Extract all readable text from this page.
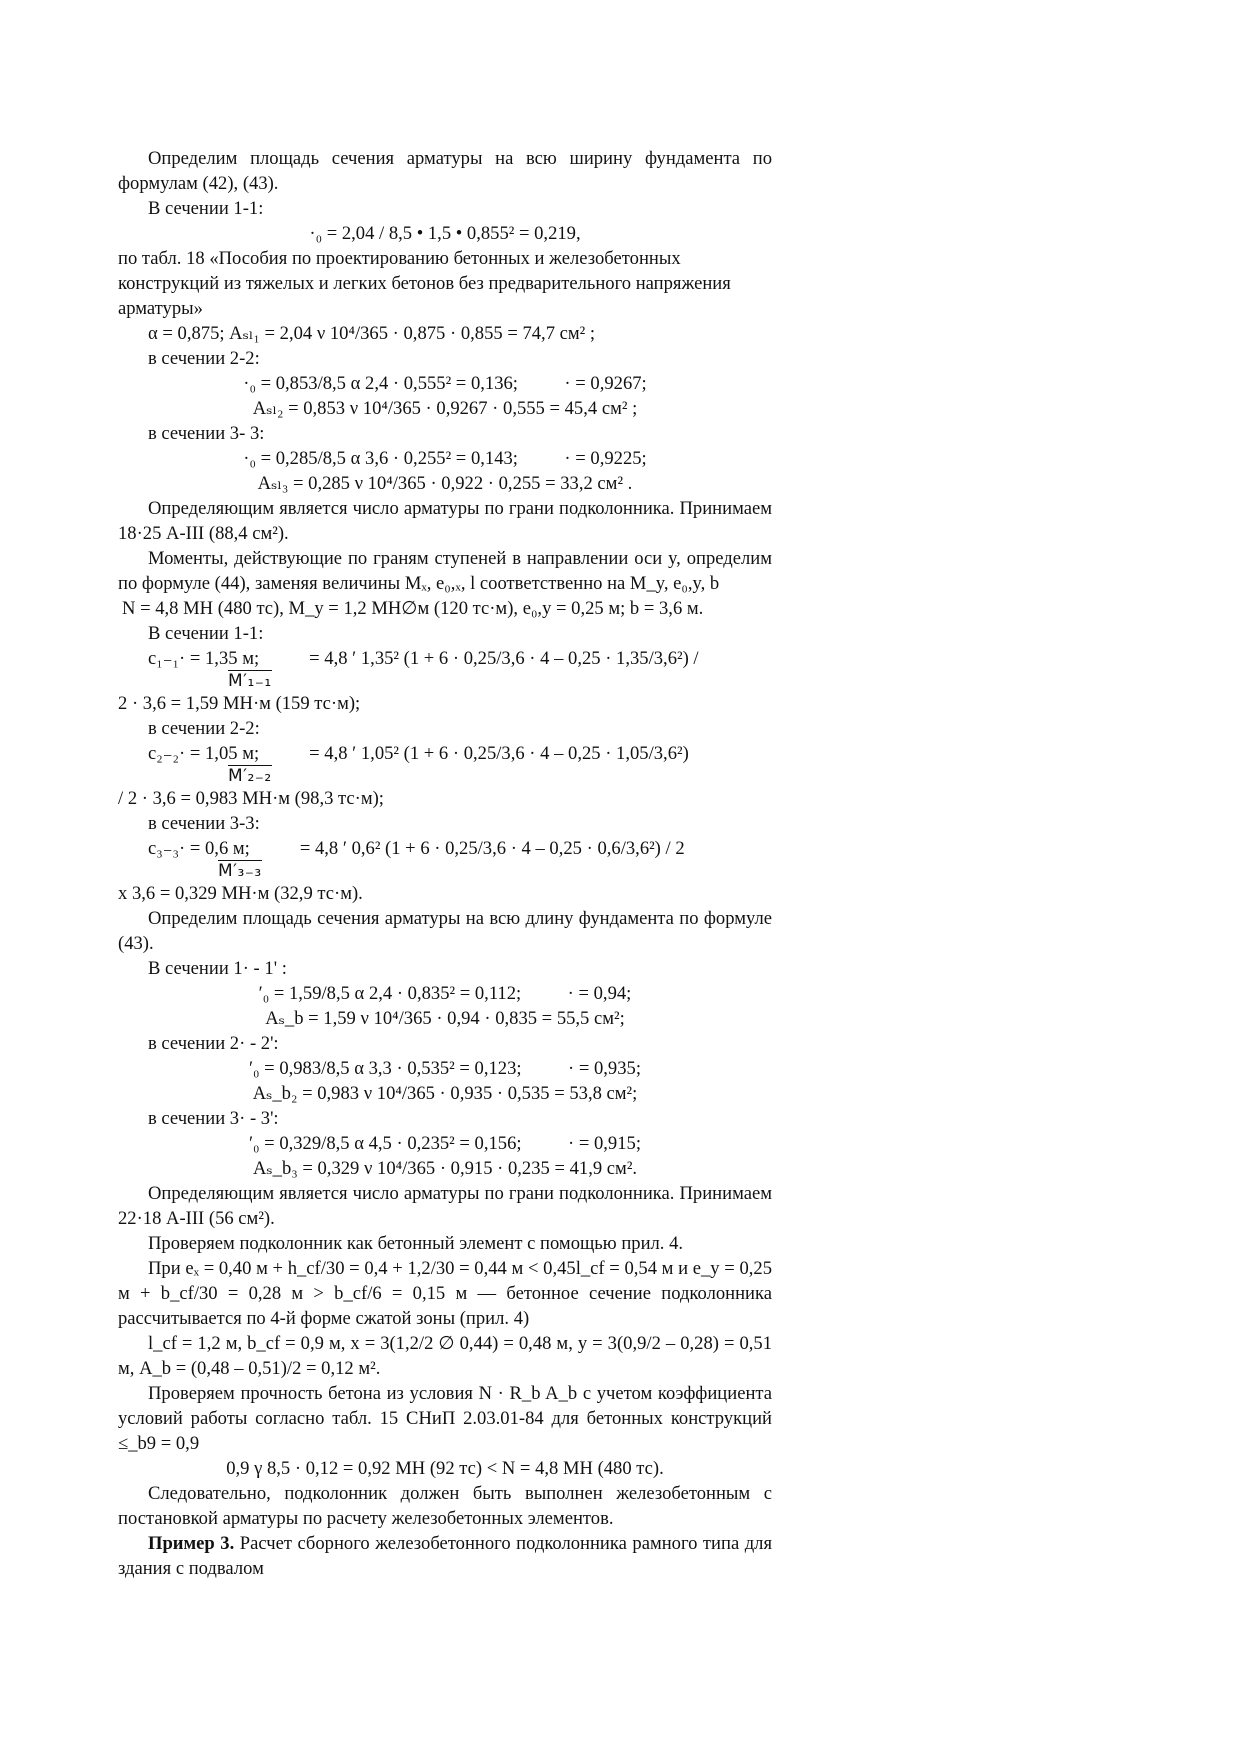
Определим площадь сечения арматуры на всю ширину фундамента по формулам (42), (43).

В сечении 1-1:

·₀ = 2,04 / 8,5 • 1,5 • 0,855² = 0,219,

по табл. 18 «Пособия по проектированию бетонных и железобетонных конструкций из тяжелых и легких бетонов без предварительного напряжения арматуры»

α = 0,875; Aₛₗ₁ = 2,04 ν 10⁴/365 · 0,875 · 0,855 = 74,7 см² ;

в сечении 2-2:

·₀ = 0,853/8,5 α 2,4 · 0,555² = 0,136;          · = 0,9267;

Aₛₗ₂ = 0,853 ν 10⁴/365 · 0,9267 · 0,555 = 45,4 см² ;

в сечении 3- 3:

·₀ = 0,285/8,5 α 3,6 · 0,255² = 0,143;          · = 0,9225;

Aₛₗ₃ = 0,285 ν 10⁴/365 · 0,922 · 0,255 = 33,2 см² .

Определяющим является число арматуры по грани подколонника. Принимаем 18·25 A-III (88,4 см²).

Моменты, действующие по граням ступеней в направлении оси y, определим по формуле (44), заменяя величины Mₓ, e₀,ₓ, l соответственно на M_y, e₀,y, b

N = 4,8 МН (480 тс), M_y = 1,2 МН∅м (120 тс·м), e₀,y = 0,25 м; b = 3,6 м.

В сечении 1-1:

c₁₋₁· = 1,35 м;	= 4,8 ′ 1,35² (1 + 6 · 0,25/3,6 · 4 – 0,25 · 1,35/3,6²) /
M′₁₋₁

2 · 3,6 = 1,59 МН·м (159 тс·м);

в сечении 2-2:

c₂₋₂· = 1,05 м;	= 4,8 ′ 1,05² (1 + 6 · 0,25/3,6 · 4 – 0,25 · 1,05/3,6²)
M′₂₋₂

/ 2 · 3,6 = 0,983 МН·м (98,3 тс·м);

в сечении 3-3:

c₃₋₃· = 0,6 м;	= 4,8 ′ 0,6² (1 + 6 · 0,25/3,6 · 4 – 0,25 · 0,6/3,6²) / 2
M′₃₋₃

x 3,6 = 0,329 МН·м (32,9 тс·м).

Определим площадь сечения арматуры на всю длину фундамента по формуле (43).

В сечении 1· - 1' :

′₀ = 1,59/8,5 α 2,4 · 0,835² = 0,112;          · = 0,94;

Aₛ_b = 1,59 ν 10⁴/365 · 0,94 · 0,835 = 55,5 см²;

в сечении 2· - 2':

′₀ = 0,983/8,5 α 3,3 · 0,535² = 0,123;          · = 0,935;

Aₛ_b₂ = 0,983 ν 10⁴/365 · 0,935 · 0,535 = 53,8 см²;

в сечении 3· - 3':

′₀ = 0,329/8,5 α 4,5 · 0,235² = 0,156;          · = 0,915;

Aₛ_b₃ = 0,329 ν 10⁴/365 · 0,915 · 0,235 = 41,9 см².

Определяющим является число арматуры по грани подколонника. Принимаем 22·18 A-III (56 см²).

Проверяем подколонник как бетонный элемент с помощью прил. 4.

При eₓ = 0,40 м + h_cf/30 = 0,4 + 1,2/30 = 0,44 м < 0,45l_cf = 0,54 м и e_y = 0,25 м + b_cf/30 = 0,28 м > b_cf/6 = 0,15 м — бетонное сечение подколонника рассчитывается по 4-й форме сжатой зоны (прил. 4)

l_cf = 1,2 м, b_cf = 0,9 м, x = 3(1,2/2 ∅ 0,44) = 0,48 м, y = 3(0,9/2 – 0,28) = 0,51 м, A_b = (0,48 – 0,51)/2 = 0,12 м².

Проверяем прочность бетона из условия N · R_b A_b с учетом коэффициента условий работы согласно табл. 15 СНиП 2.03.01-84 для бетонных конструкций ≤_b9 = 0,9

0,9 γ 8,5 · 0,12 = 0,92 МН (92 тс) < N = 4,8 МН (480 тс).

Следовательно, подколонник должен быть выполнен железобетонным с постановкой арматуры по расчету железобетонных элементов.

Пример 3. Расчет сборного железобетонного подколонника рамного типа для здания с подвалом
